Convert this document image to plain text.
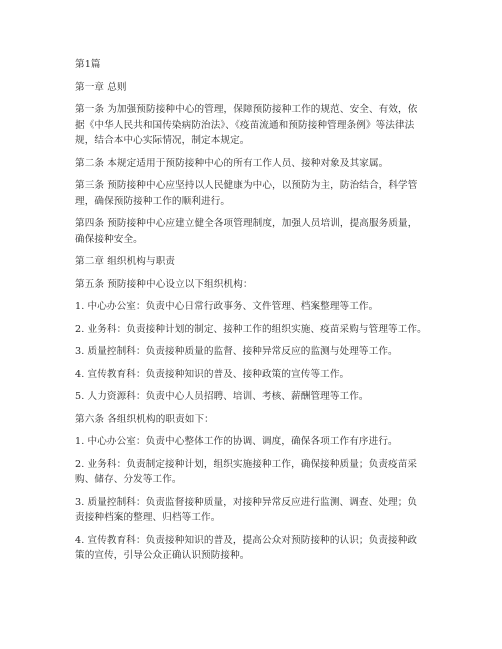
第1篇
第一章 总则
第一条 为加强预防接种中心的管理，保障预防接种工作的规范、安全、有效，依
据《中华人民共和国传染病防治法》、《疫苗流通和预防接种管理条例》等法律法
规，结合本中心实际情况，制定本规定。
第二条 本规定适用于预防接种中心的所有工作人员、接种对象及其家属。
第三条 预防接种中心应坚持以人民健康为中心，以预防为主，防治结合，科学管
理，确保预防接种工作的顺利进行。
第四条 预防接种中心应建立健全各项管理制度，加强人员培训，提高服务质量，
确保接种安全。
第二章 组织机构与职责
第五条 预防接种中心设立以下组织机构：
1. 中心办公室：负责中心日常行政事务、文件管理、档案整理等工作。
2. 业务科：负责接种计划的制定、接种工作的组织实施、疫苗采购与管理等工作。
3. 质量控制科：负责接种质量的监督、接种异常反应的监测与处理等工作。
4. 宣传教育科：负责接种知识的普及、接种政策的宣传等工作。
5. 人力资源科：负责中心人员招聘、培训、考核、薪酬管理等工作。
第六条 各组织机构的职责如下：
1. 中心办公室：负责中心整体工作的协调、调度，确保各项工作有序进行。
2. 业务科：负责制定接种计划，组织实施接种工作，确保接种质量；负责疫苗采
购、储存、分发等工作。
3. 质量控制科：负责监督接种质量，对接种异常反应进行监测、调查、处理；负
责接种档案的整理、归档等工作。
4. 宣传教育科：负责接种知识的普及，提高公众对预防接种的认识；负责接种政
策的宣传，引导公众正确认识预防接种。
